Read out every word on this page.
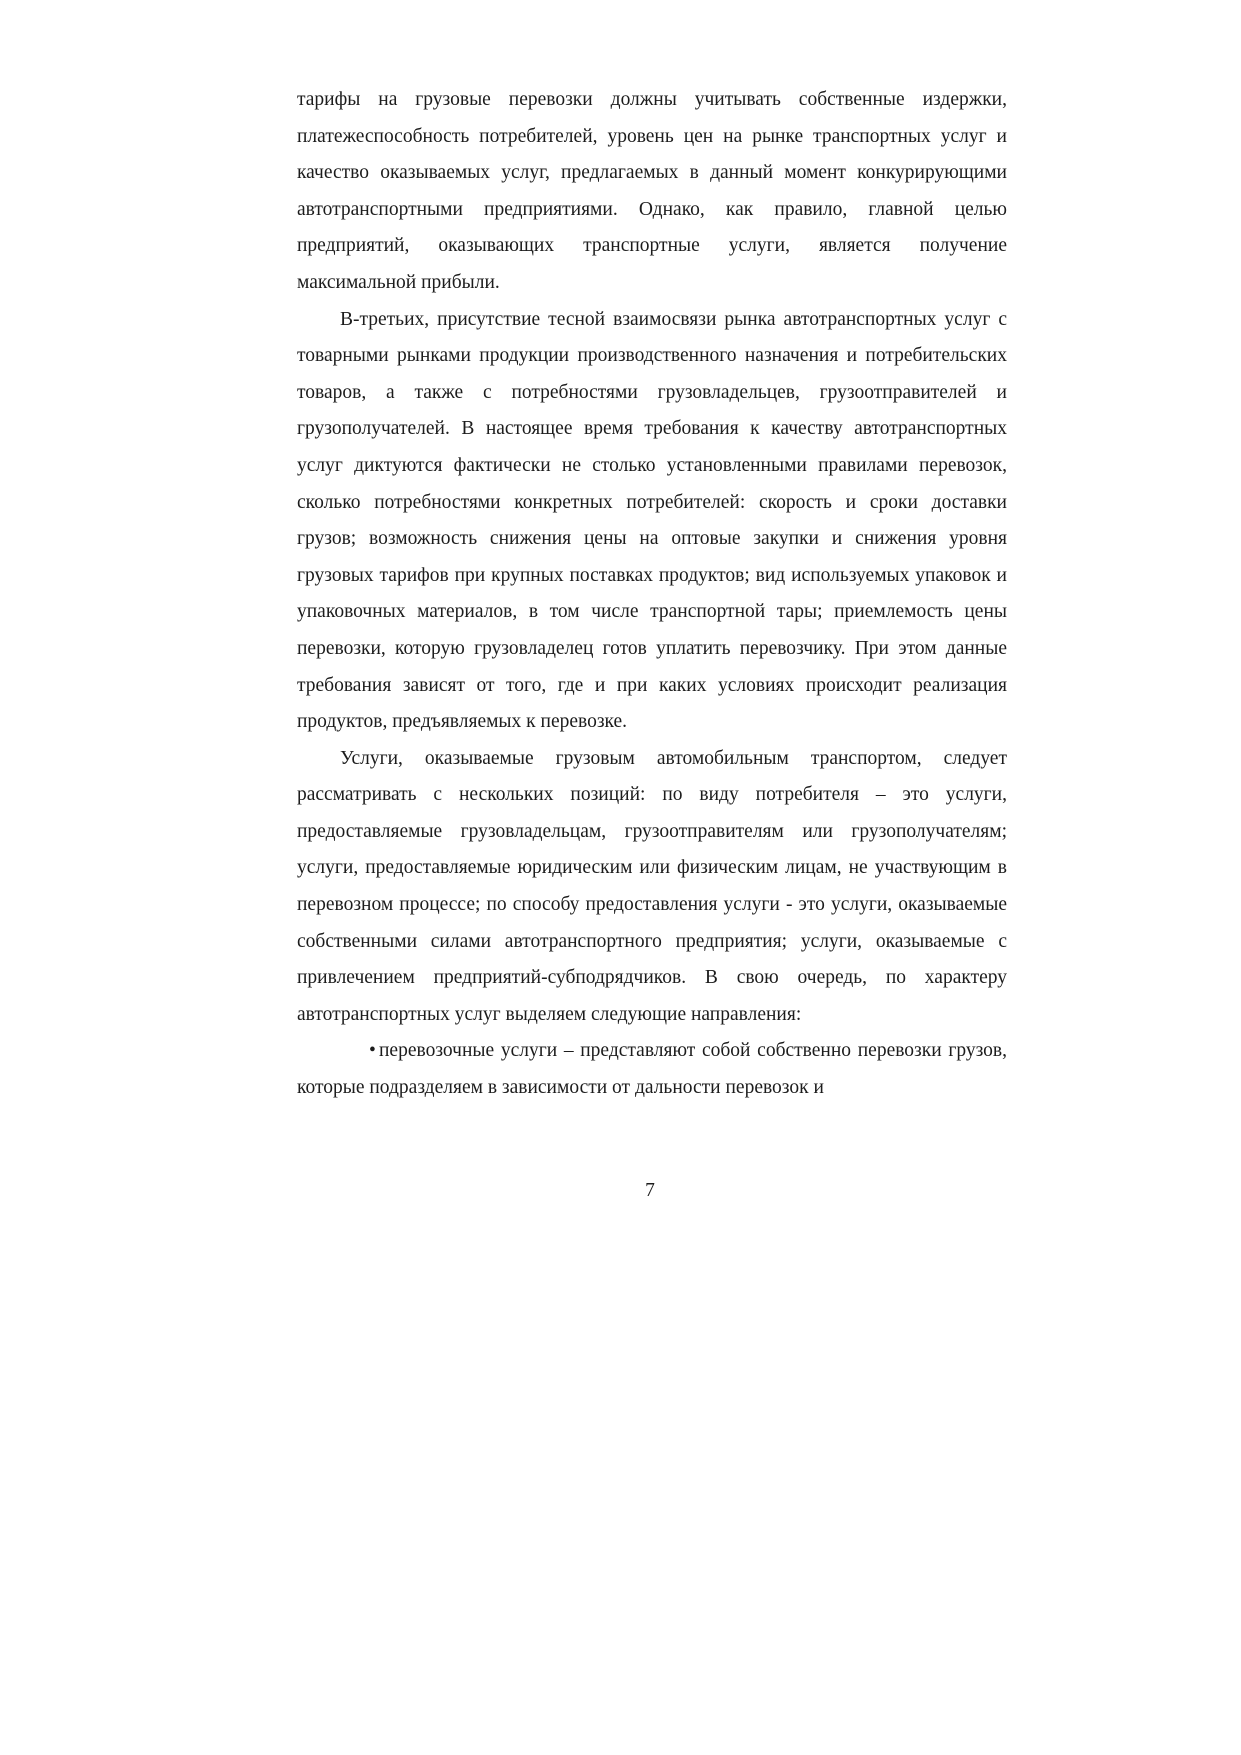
тарифы на грузовые перевозки должны учитывать собственные издержки, платежеспособность потребителей, уровень цен на рынке транспортных услуг и качество оказываемых услуг, предлагаемых в данный момент конкурирующими автотранспортными предприятиями. Однако, как правило, главной целью предприятий, оказывающих транспортные услуги, является получение максимальной прибыли.

В-третьих, присутствие тесной взаимосвязи рынка автотранспортных услуг с товарными рынками продукции производственного назначения и потребительских товаров, а также с потребностями грузовладельцев, грузоотправителей и грузополучателей. В настоящее время требования к качеству автотранспортных услуг диктуются фактически не столько установленными правилами перевозок, сколько потребностями конкретных потребителей: скорость и сроки доставки грузов; возможность снижения цены на оптовые закупки и снижения уровня грузовых тарифов при крупных поставках продуктов; вид используемых упаковок и упаковочных материалов, в том числе транспортной тары; приемлемость цены перевозки, которую грузовладелец готов уплатить перевозчику. При этом данные требования зависят от того, где и при каких условиях происходит реализация продуктов, предъявляемых к перевозке.

Услуги, оказываемые грузовым автомобильным транспортом, следует рассматривать с нескольких позиций: по виду потребителя – это услуги, предоставляемые грузовладельцам, грузоотправителям или грузополучателям; услуги, предоставляемые юридическим или физическим лицам, не участвующим в перевозном процессе; по способу предоставления услуги - это услуги, оказываемые собственными силами автотранспортного предприятия; услуги, оказываемые с привлечением предприятий-субподрядчиков. В свою очередь, по характеру автотранспортных услуг выделяем следующие направления:

• перевозочные услуги – представляют собой собственно перевозки грузов, которые подразделяем в зависимости от дальности перевозок и

7
